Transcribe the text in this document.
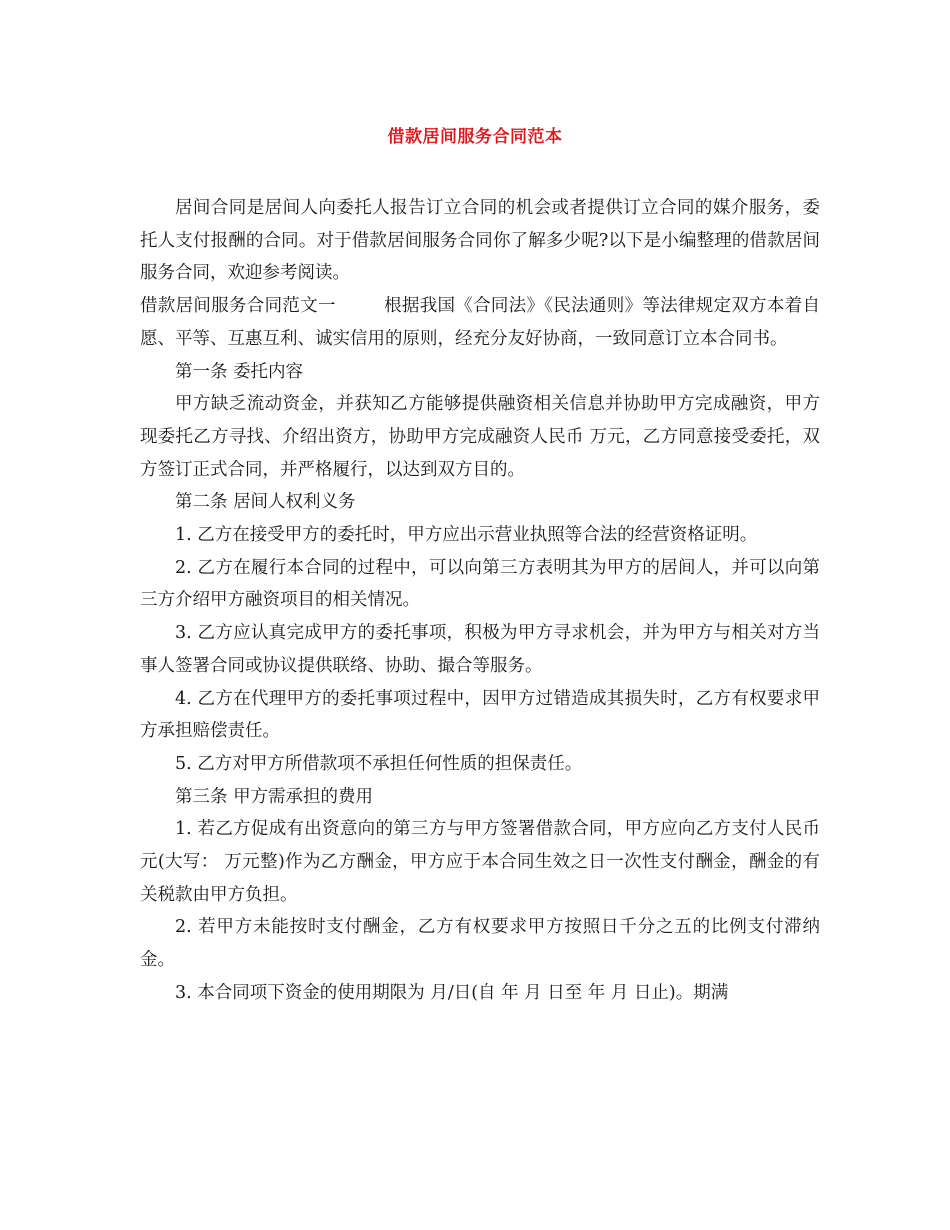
借款居间服务合同范本

居间合同是居间人向委托人报告订立合同的机会或者提供订立合同的媒介服务，委托人支付报酬的合同。对于借款居间服务合同你了解多少呢?以下是小编整理的借款居间服务合同，欢迎参考阅读。

借款居间服务合同范文一	根据我国《合同法》《民法通则》等法律规定双方本着自愿、平等、互惠互利、诚实信用的原则，经充分友好协商，一致同意订立本合同书。

第一条 委托内容

甲方缺乏流动资金，并获知乙方能够提供融资相关信息并协助甲方完成融资，甲方现委托乙方寻找、介绍出资方，协助甲方完成融资人民币 万元，乙方同意接受委托，双方签订正式合同，并严格履行，以达到双方目的。

第二条 居间人权利义务

1. 乙方在接受甲方的委托时，甲方应出示营业执照等合法的经营资格证明。

2. 乙方在履行本合同的过程中，可以向第三方表明其为甲方的居间人，并可以向第三方介绍甲方融资项目的相关情况。

3. 乙方应认真完成甲方的委托事项，积极为甲方寻求机会，并为甲方与相关对方当事人签署合同或协议提供联络、协助、撮合等服务。

4. 乙方在代理甲方的委托事项过程中，因甲方过错造成其损失时，乙方有权要求甲方承担赔偿责任。

5. 乙方对甲方所借款项不承担任何性质的担保责任。

第三条 甲方需承担的费用

1. 若乙方促成有出资意向的第三方与甲方签署借款合同，甲方应向乙方支付人民币 元(大写： 万元整)作为乙方酬金，甲方应于本合同生效之日一次性支付酬金，酬金的有关税款由甲方负担。

2. 若甲方未能按时支付酬金，乙方有权要求甲方按照日千分之五的比例支付滞纳金。

3. 本合同项下资金的使用期限为 月/日(自 年 月 日至 年 月 日止)。期满
